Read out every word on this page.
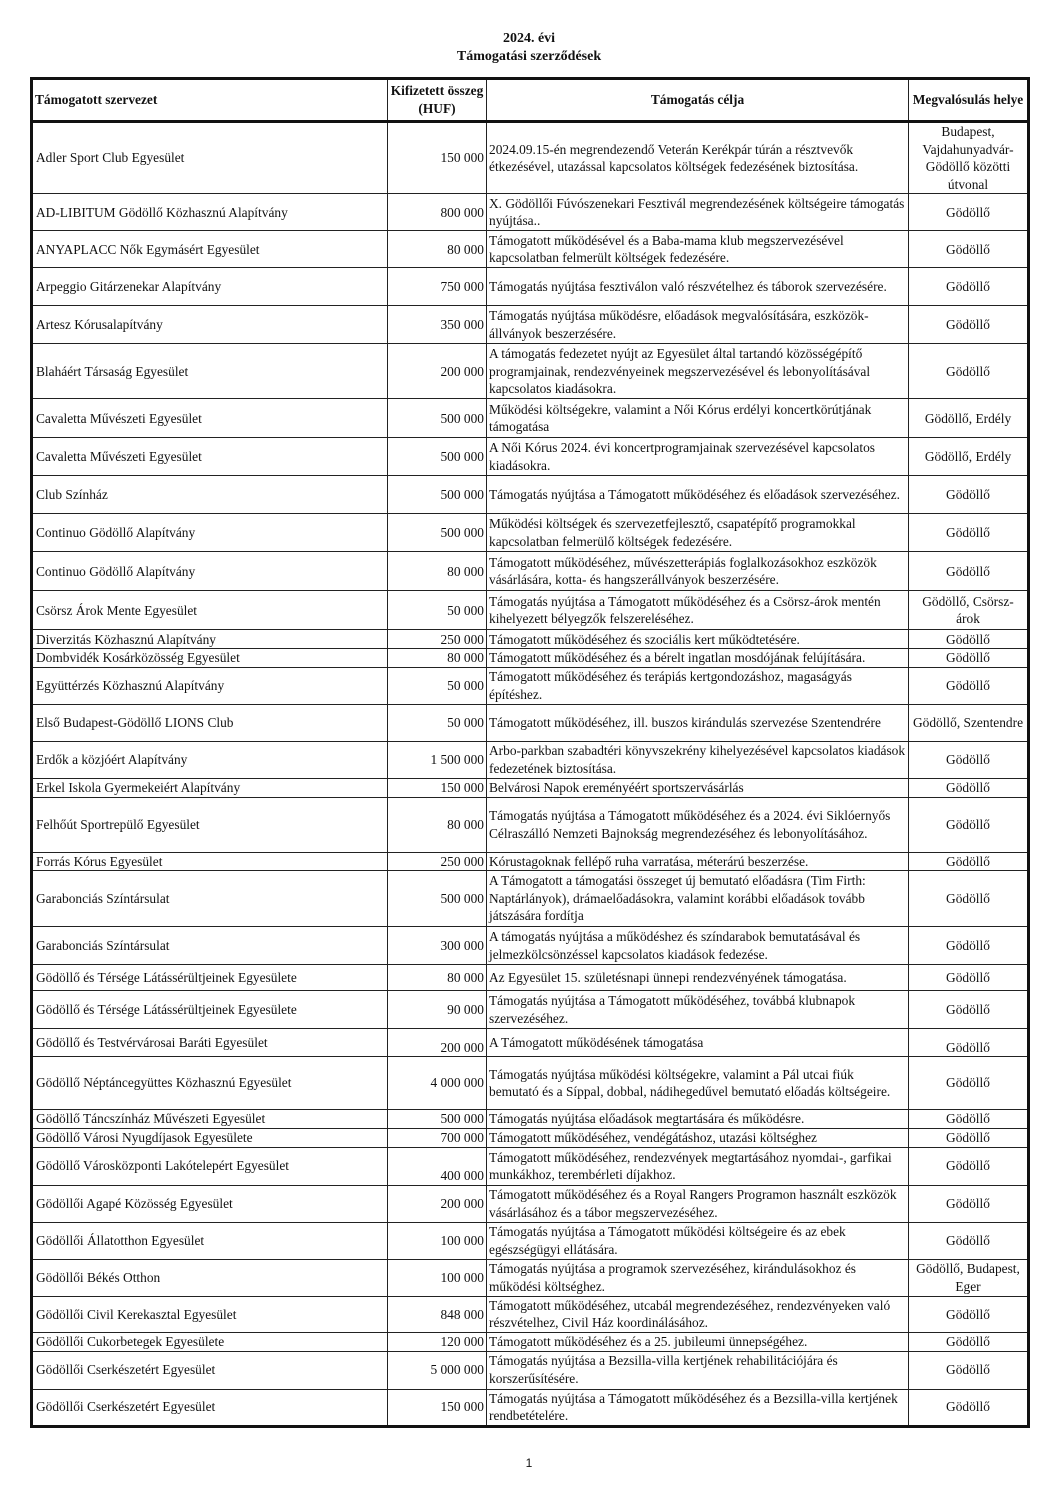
2024. évi
Támogatási szerződések
Támogatott szervezet	Kifizetett összeg (HUF)	Támogatás célja	Megvalósulás helye
Adler Sport Club Egyesület	150 000	2024.09.15-én megrendezendő Veterán Kerékpár túrán a résztvevők étkezésével, utazással kapcsolatos költségek fedezésének biztosítása.	Budapest, Vajdahunyadvár-Gödöllő közötti útvonal
AD-LIBITUM Gödöllő Közhasznú Alapítvány	800 000	X. Gödöllői Fúvószenekari Fesztivál megrendezésének költségeire támogatás nyújtása..	Gödöllő
ANYAPLACC Nők Egymásért Egyesület	80 000	Támogatott működésével és a Baba-mama klub megszervezésével kapcsolatban felmerült költségek fedezésére.	Gödöllő
Arpeggio Gitárzenekar Alapítvány	750 000	Támogatás nyújtása fesztiválon való részvételhez és táborok szervezésére.	Gödöllő
Artesz Kórusalapítvány	350 000	Támogatás nyújtása működésre, előadások megvalósítására, eszközök-állványok beszerzésére.	Gödöllő
Blaháért Társaság Egyesület	200 000	A támogatás fedezetet nyújt az Egyesület által tartandó közösségépítő programjainak, rendezvényeinek megszervezésével és lebonyolításával kapcsolatos kiadásokra.	Gödöllő
Cavaletta Művészeti Egyesület	500 000	Működési költségekre, valamint a Női Kórus erdélyi koncertkörútjának támogatása	Gödöllő, Erdély
Cavaletta Művészeti Egyesület	500 000	A Női Kórus 2024. évi koncertprogramjainak szervezésével kapcsolatos kiadásokra.	Gödöllő, Erdély
Club Színház	500 000	Támogatás nyújtása a Támogatott működéséhez és előadások szervezéséhez.	Gödöllő
Continuo Gödöllő Alapítvány	500 000	Működési költségek és szervezetfejlesztő, csapatépítő programokkal kapcsolatban felmerülő költségek fedezésére.	Gödöllő
Continuo Gödöllő Alapítvány	80 000	Támogatott működéséhez, művészetterápiás foglalkozásokhoz eszközök vásárlására, kotta- és hangszerállványok beszerzésére.	Gödöllő
Csörsz Árok Mente Egyesület	50 000	Támogatás nyújtása a Támogatott működéséhez és a Csörsz-árok mentén kihelyezett bélyegzők felszereléséhez.	Gödöllő, Csörsz-árok
Diverzitás Közhasznú Alapítvány	250 000	Támogatott működéséhez és szociális kert működtetésére.	Gödöllő
Dombvidék Kosárközösség Egyesület	80 000	Támogatott működéséhez és a bérelt ingatlan mosdójának felújítására.	Gödöllő
Együttérzés Közhasznú Alapítvány	50 000	Támogatott működéséhez és terápiás kertgondozáshoz, magaságyás építéshez.	Gödöllő
Első Budapest-Gödöllő LIONS Club	50 000	Támogatott működéséhez, ill. buszos kirándulás szervezése Szentendrére	Gödöllő, Szentendre
Erdők a közjóért Alapítvány	1 500 000	Arbo-parkban szabadtéri könyvszekrény kihelyezésével kapcsolatos kiadások fedezetének biztosítása.	Gödöllő
Erkel Iskola Gyermekeiért Alapítvány	150 000	Belvárosi Napok ereményéért sportszervásárlás	Gödöllő
Felhőút Sportrepülő Egyesület	80 000	Támogatás nyújtása a Támogatott működéséhez és a 2024. évi Siklóernyős Célraszálló Nemzeti Bajnokság megrendezéséhez és lebonyolításához.	Gödöllő
Forrás Kórus Egyesület	250 000	Kórustagoknak fellépő ruha varratása, méterárú beszerzése.	Gödöllő
Garabonciás Színtársulat	500 000	A Támogatott a támogatási összeget új bemutató előadásra (Tim Firth: Naptárlányok), drámaelőadásokra, valamint korábbi előadások tovább játszására fordítja	Gödöllő
Garabonciás Színtársulat	300 000	A támogatás nyújtása a működéshez és színdarabok bemutatásával és jelmezkölcsönzéssel kapcsolatos kiadások fedezése.	Gödöllő
Gödöllő és Térsége Látássérültjeinek Egyesülete	80 000	Az Egyesület 15. születésnapi ünnepi rendezvényének támogatása.	Gödöllő
Gödöllő és Térsége Látássérültjeinek Egyesülete	90 000	Támogatás nyújtása a Támogatott működéséhez, továbbá klubnapok szervezéséhez.	Gödöllő
Gödöllő és Testvérvárosai Baráti Egyesület	200 000	A Támogatott működésének támogatása	Gödöllő
Gödöllő Néptáncegyüttes Közhasznú Egyesület	4 000 000	Támogatás nyújtása működési költségekre, valamint a Pál utcai fiúk bemutató és a Síppal, dobbal, nádihegedűvel bemutató előadás költségeire.	Gödöllő
Gödöllő Táncszínház Művészeti Egyesület	500 000	Támogatás nyújtása előadások megtartására és működésre.	Gödöllő
Gödöllő Városi Nyugdíjasok Egyesülete	700 000	Támogatott működéséhez, vendégátáshoz, utazási költséghez	Gödöllő
Gödöllő Városközponti Lakótelepért Egyesület	400 000	Támogatott működéséhez, rendezvények megtartásához nyomdai-, garfikai munkákhoz, terembérleti díjakhoz.	Gödöllő
Gödöllői Agapé Közösség Egyesület	200 000	Támogatott működéséhez és a Royal Rangers Programon használt eszközök vásárlásához és a tábor megszervezéséhez.	Gödöllő
Gödöllői Állatotthon Egyesület	100 000	Támogatás nyújtása a Támogatott működési költségeire és az ebek egészségügyi ellátására.	Gödöllő
Gödöllői Békés Otthon	100 000	Támogatás nyújtása a programok szervezéséhez, kirándulásokhoz és működési költséghez.	Gödöllő, Budapest, Eger
Gödöllői Civil Kerekasztal Egyesület	848 000	Támogatott működéséhez, utcabál megrendezéséhez, rendezvényeken való részvételhez, Civil Ház koordinálásához.	Gödöllő
Gödöllői Cukorbetegek Egyesülete	120 000	Támogatott működéséhez és a 25. jubileumi ünnepségéhez.	Gödöllő
Gödöllői Cserkészetért Egyesület	5 000 000	Támogatás nyújtása a Bezsilla-villa kertjének rehabilitációjára és korszerűsítésére.	Gödöllő
Gödöllői Cserkészetért Egyesület	150 000	Támogatás nyújtása a Támogatott működéséhez és a Bezsilla-villa kertjének rendbetételére.	Gödöllő
1
